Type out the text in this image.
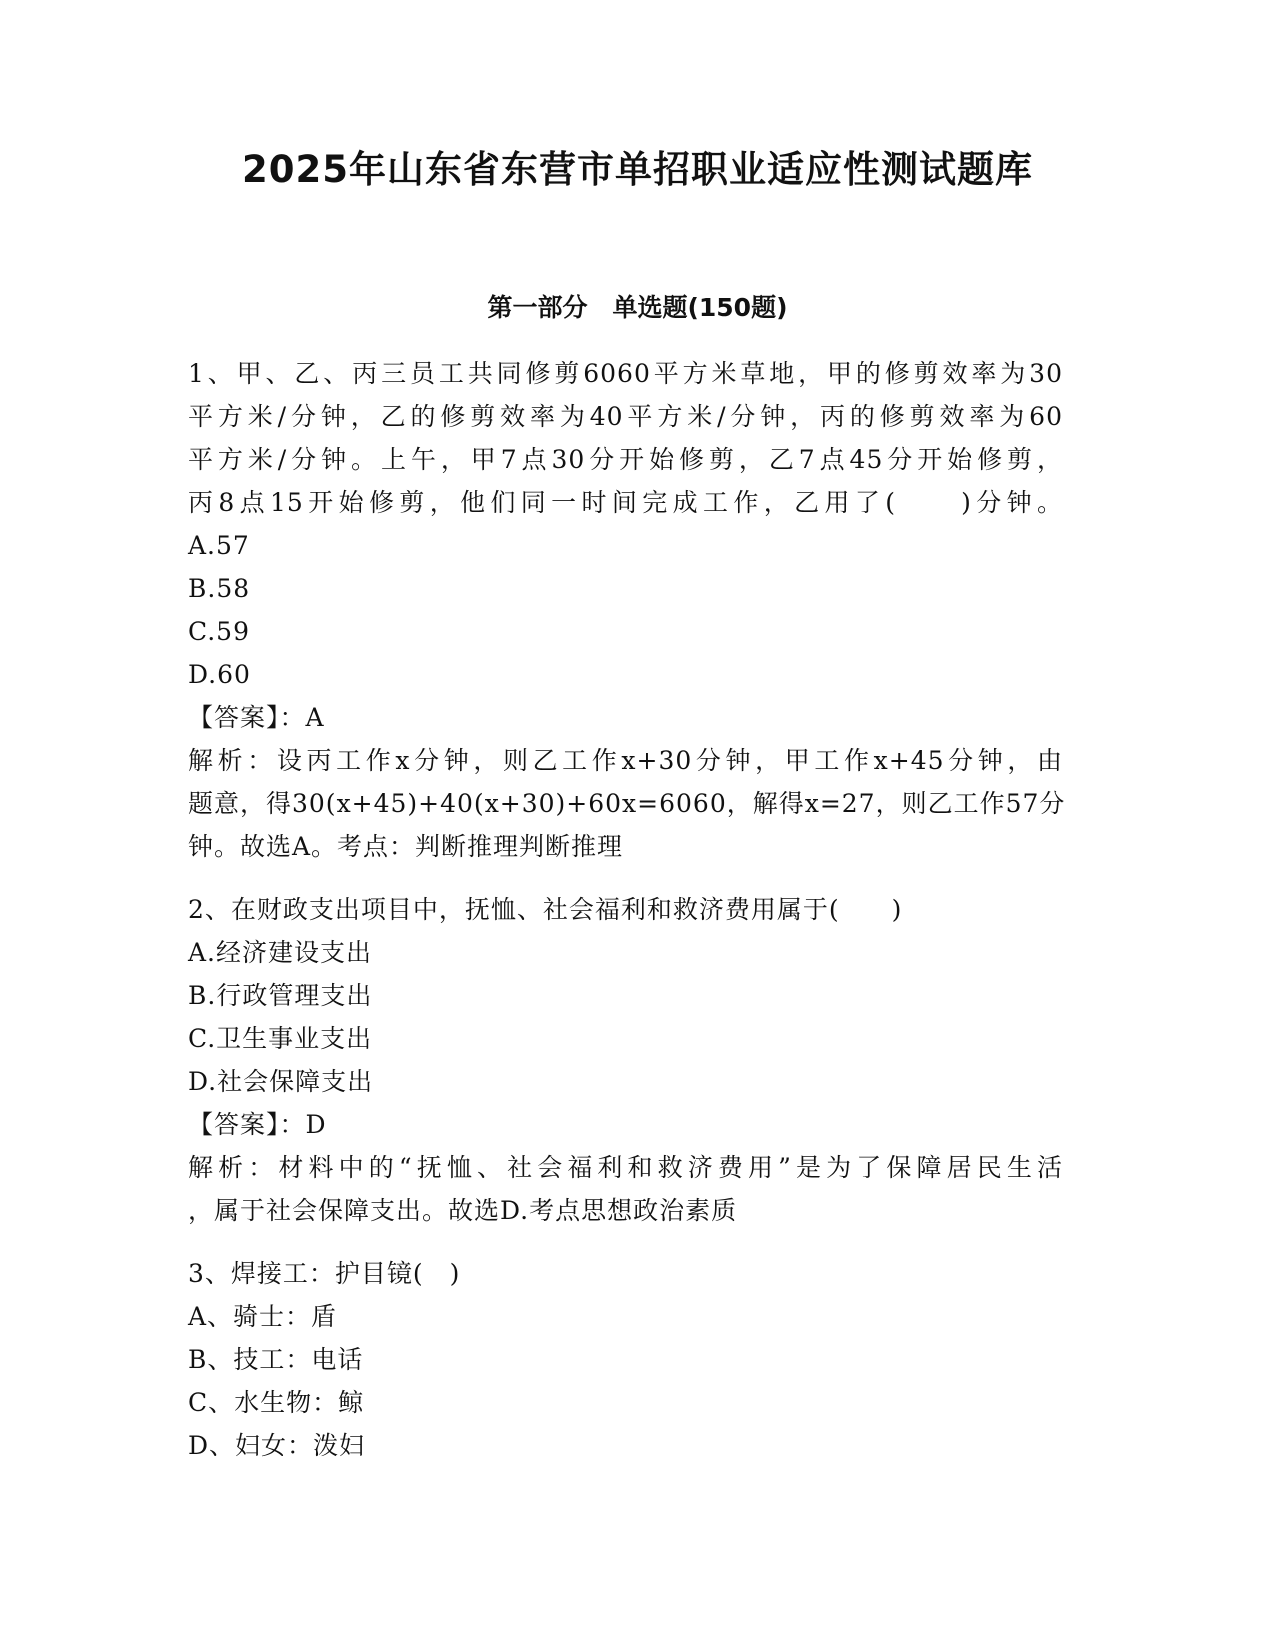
2025年山东省东营市单招职业适应性测试题库
第一部分　单选题(150题)
1、甲、乙、丙三员工共同修剪6060平方米草地，甲的修剪效率为30
平方米/分钟，乙的修剪效率为40平方米/分钟，丙的修剪效率为60
平方米/分钟。上午，甲7点30分开始修剪，乙7点45分开始修剪，
丙8点15开始修剪，他们同一时间完成工作，乙用了(　　)分钟。
A.57
B.58
C.59
D.60
【答案】：A
解析：设丙工作x分钟，则乙工作x+30分钟，甲工作x+45分钟，由
题意，得30(x+45)+40(x+30)+60x=6060，解得x=27，则乙工作57分
钟。故选A。考点：判断推理判断推理
2、在财政支出项目中，抚恤、社会福利和救济费用属于(　　)
A.经济建设支出
B.行政管理支出
C.卫生事业支出
D.社会保障支出
【答案】：D
解析：材料中的“抚恤、社会福利和救济费用”是为了保障居民生活
，属于社会保障支出。故选D.考点思想政治素质
3、焊接工：护目镜(　)
A、骑士：盾
B、技工：电话
C、水生物：鲸
D、妇女：泼妇
